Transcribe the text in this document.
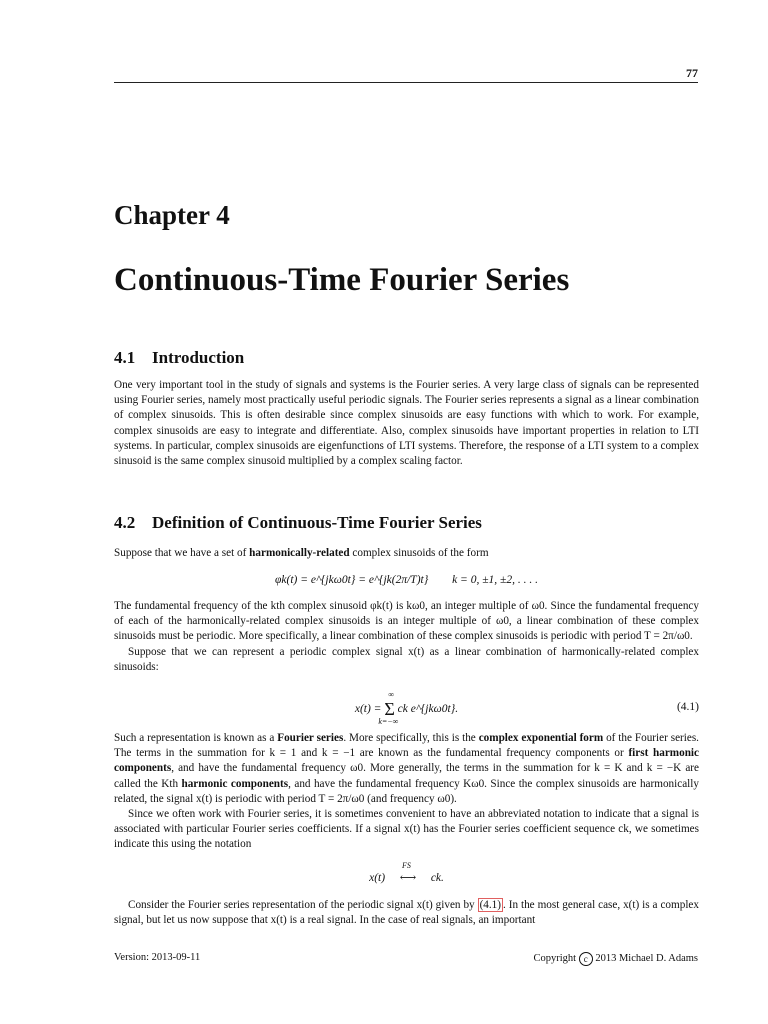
77
Chapter 4
Continuous-Time Fourier Series
4.1 Introduction

One very important tool in the study of signals and systems is the Fourier series. A very large class of signals can be represented using Fourier series, namely most practically useful periodic signals. The Fourier series represents a signal as a linear combination of complex sinusoids. This is often desirable since complex sinusoids are easy functions with which to work. For example, complex sinusoids are easy to integrate and differentiate. Also, complex sinusoids have important properties in relation to LTI systems. In particular, complex sinusoids are eigenfunctions of LTI systems. Therefore, the response of a LTI system to a complex sinusoid is the same complex sinusoid multiplied by a complex scaling factor.

4.2 Definition of Continuous-Time Fourier Series

Suppose that we have a set of harmonically-related complex sinusoids of the form

φk(t) = e^{jkω0t} = e^{jk(2π/T)t} k = 0, ±1, ±2, . . . .

The fundamental frequency of the kth complex sinusoid φk(t) is kω0, an integer multiple of ω0. Since the fundamental frequency of each of the harmonically-related complex sinusoids is an integer multiple of ω0, a linear combination of these complex sinusoids must be periodic. More specifically, a linear combination of these complex sinusoids is periodic with period T = 2π/ω0.

Suppose that we can represent a periodic complex signal x(t) as a linear combination of harmonically-related complex sinusoids:

x(t) =
∞
Σ
k=−∞
ck e^{jkω0t}.	(4.1)

Such a representation is known as a Fourier series. More specifically, this is the complex exponential form of the Fourier series. The terms in the summation for k = 1 and k = −1 are known as the fundamental frequency components or first harmonic components, and have the fundamental frequency ω0. More generally, the terms in the summation for k = K and k = −K are called the Kth harmonic components, and have the fundamental frequency Kω0. Since the complex sinusoids are harmonically related, the signal x(t) is periodic with period T = 2π/ω0 (and frequency ω0).

Since we often work with Fourier series, it is sometimes convenient to have an abbreviated notation to indicate that a signal is associated with particular Fourier series coefficients. If a signal x(t) has the Fourier series coefficient sequence ck, we sometimes indicate this using the notation

x(t)
FS
⟷ ck.

Consider the Fourier series representation of the periodic signal x(t) given by (4.1) . In the most general case, x(t) is a complex signal, but let us now suppose that x(t) is a real signal. In the case of real signals, an important

Version: 2013-09-11	Copyright c 2013 Michael D. Adams
